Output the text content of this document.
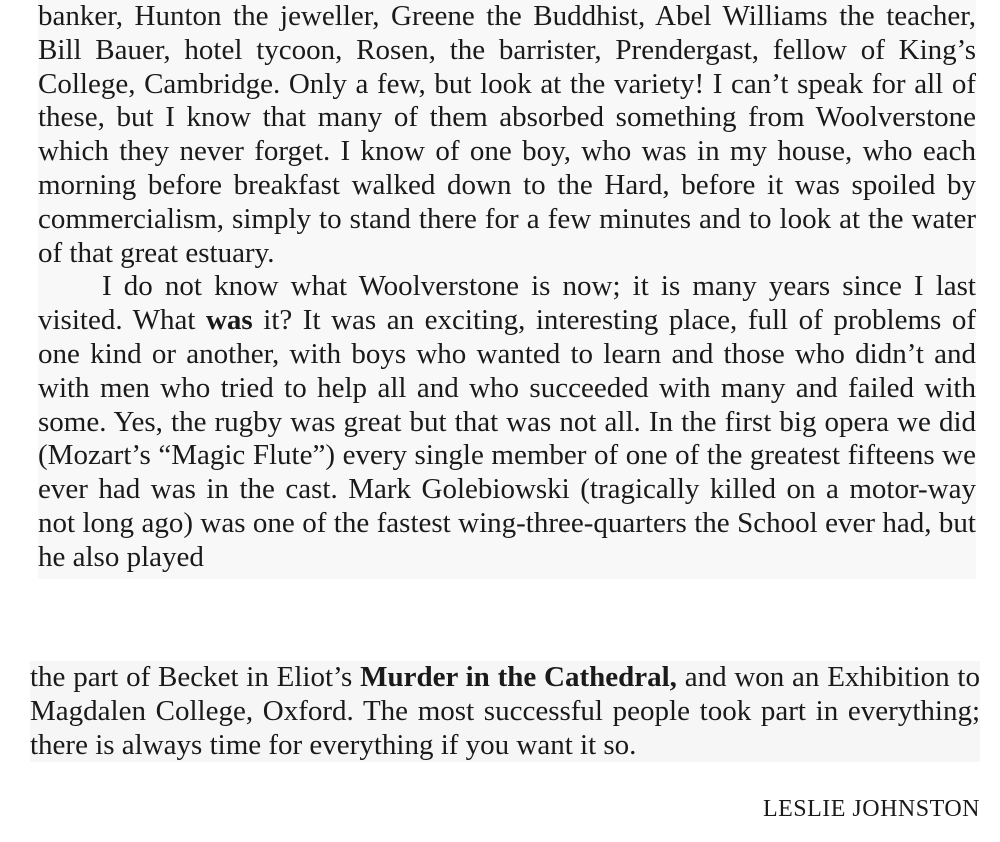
banker, Hunton the jeweller, Greene the Buddhist, Abel Williams the teacher, Bill Bauer, hotel tycoon, Rosen, the barrister, Prendergast, fellow of King’s College, Cambridge. Only a few, but look at the variety! I can’t speak for all of these, but I know that many of them absorbed something from Woolverstone which they never forget. I know of one boy, who was in my house, who each morning before breakfast walked down to the Hard, before it was spoiled by commercialism, simply to stand there for a few minutes and to look at the water of that great estuary.

I do not know what Woolverstone is now; it is many years since I last visited. What was it? It was an exciting, interesting place, full of problems of one kind or another, with boys who wanted to learn and those who didn’t and with men who tried to help all and who succeeded with many and failed with some. Yes, the rugby was great but that was not all. In the first big opera we did (Mozart’s “Magic Flute”) every single member of one of the greatest fifteens we ever had was in the cast. Mark Golebiowski (tragically killed on a motor-way not long ago) was one of the fastest wing-three-quarters the School ever had, but he also played

the part of Becket in Eliot’s Murder in the Cathedral, and won an Exhibition to Magdalen College, Oxford. The most successful people took part in everything; there is always time for everything if you want it so.

LESLIE JOHNSTON
